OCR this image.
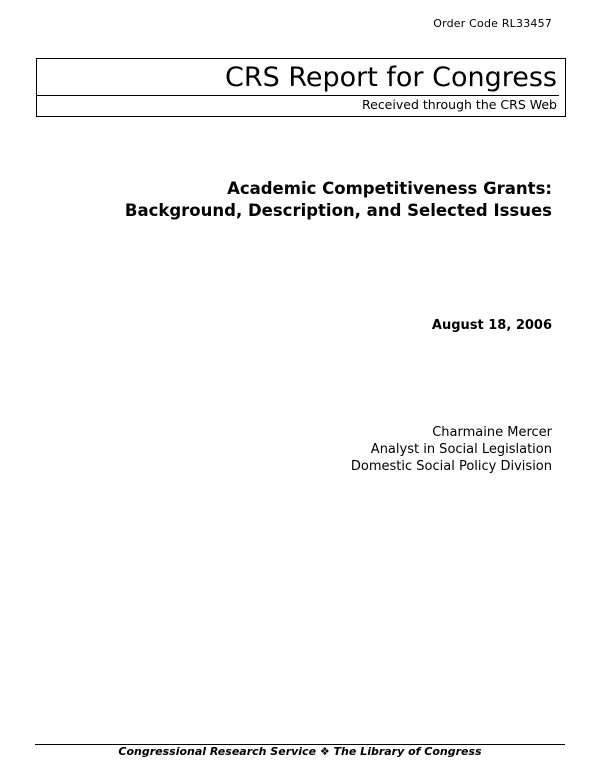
Order Code RL33457
CRS Report for Congress
Received through the CRS Web
Academic Competitiveness Grants:
Background, Description, and Selected Issues
August 18, 2006
Charmaine Mercer
Analyst in Social Legislation
Domestic Social Policy Division
Congressional Research Service ❖ The Library of Congress
